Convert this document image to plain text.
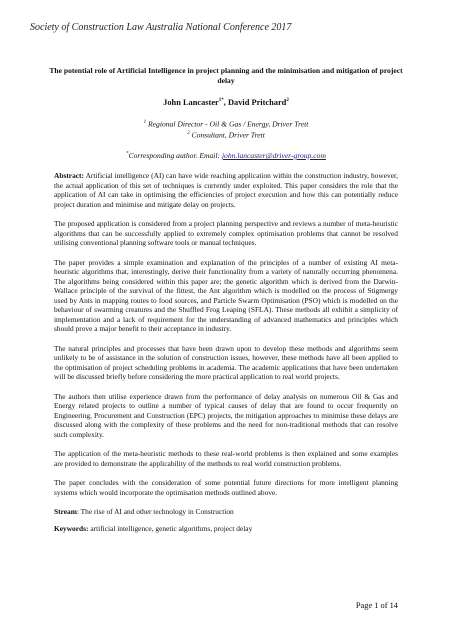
Society of Construction Law Australia National Conference 2017
The potential role of Artificial Intelligence in project planning and the minimisation and mitigation of project delay
John Lancaster$^{1*}$, David Pritchard$^2$
$^1$ Regional Director - Oil & Gas / Energy, Driver Trett
$^2$ Consultant, Driver Trett
*Corresponding author. Email: john.lancaster@driver-group.com

Abstract: Artificial intelligence (AI) can have wide reaching application within the construction industry, however, the actual application of this set of techniques is currently under exploited. This paper considers the role that the application of AI can take in optimising the efficiencies of project execution and how this can potentially reduce project duration and minimise and mitigate delay on projects.

The proposed application is considered from a project planning perspective and reviews a number of meta-heuristic algorithms that can be successfully applied to extremely complex optimisation problems that cannot be resolved utilising conventional planning software tools or manual techniques.

The paper provides a simple examination and explanation of the principles of a number of existing AI meta-heuristic algorithms that, interestingly, derive their functionality from a variety of naturally occurring phenomena. The algorithms being considered within this paper are; the genetic algorithm which is derived from the Darwin-Wallace principle of the survival of the fittest, the Ant algorithm which is modelled on the process of Stigmergy used by Ants in mapping routes to food sources, and Particle Swarm Optimisation (PSO) which is modelled on the behaviour of swarming creatures and the Shuffled Frog Leaping (SFLA). These methods all exhibit a simplicity of implementation and a lack of requirement for the understanding of advanced mathematics and principles which should prove a major benefit to their acceptance in industry.

The natural principles and processes that have been drawn upon to develop these methods and algorithms seem unlikely to be of assistance in the solution of construction issues, however, these methods have all been applied to the optimisation of project scheduling problems in academia. The academic applications that have been undertaken will be discussed briefly before considering the more practical application to real world projects.

The authors then utilise experience drawn from the performance of delay analysis on numerous Oil & Gas and Energy related projects to outline a number of typical causes of delay that are found to occur frequently on Engineering, Procurement and Construction (EPC) projects, the mitigation approaches to minimise these delays are discussed along with the complexity of these problems and the need for non-traditional methods that can resolve such complexity.

The application of the meta-heuristic methods to these real-world problems is then explained and some examples are provided to demonstrate the applicability of the methods to real world construction problems.

The paper concludes with the consideration of some potential future directions for more intelligent planning systems which would incorporate the optimisation methods outlined above.

Stream: The rise of AI and other technology in Construction

Keywords: artificial intelligence, genetic algorithms, project delay

Page 1 of 14
